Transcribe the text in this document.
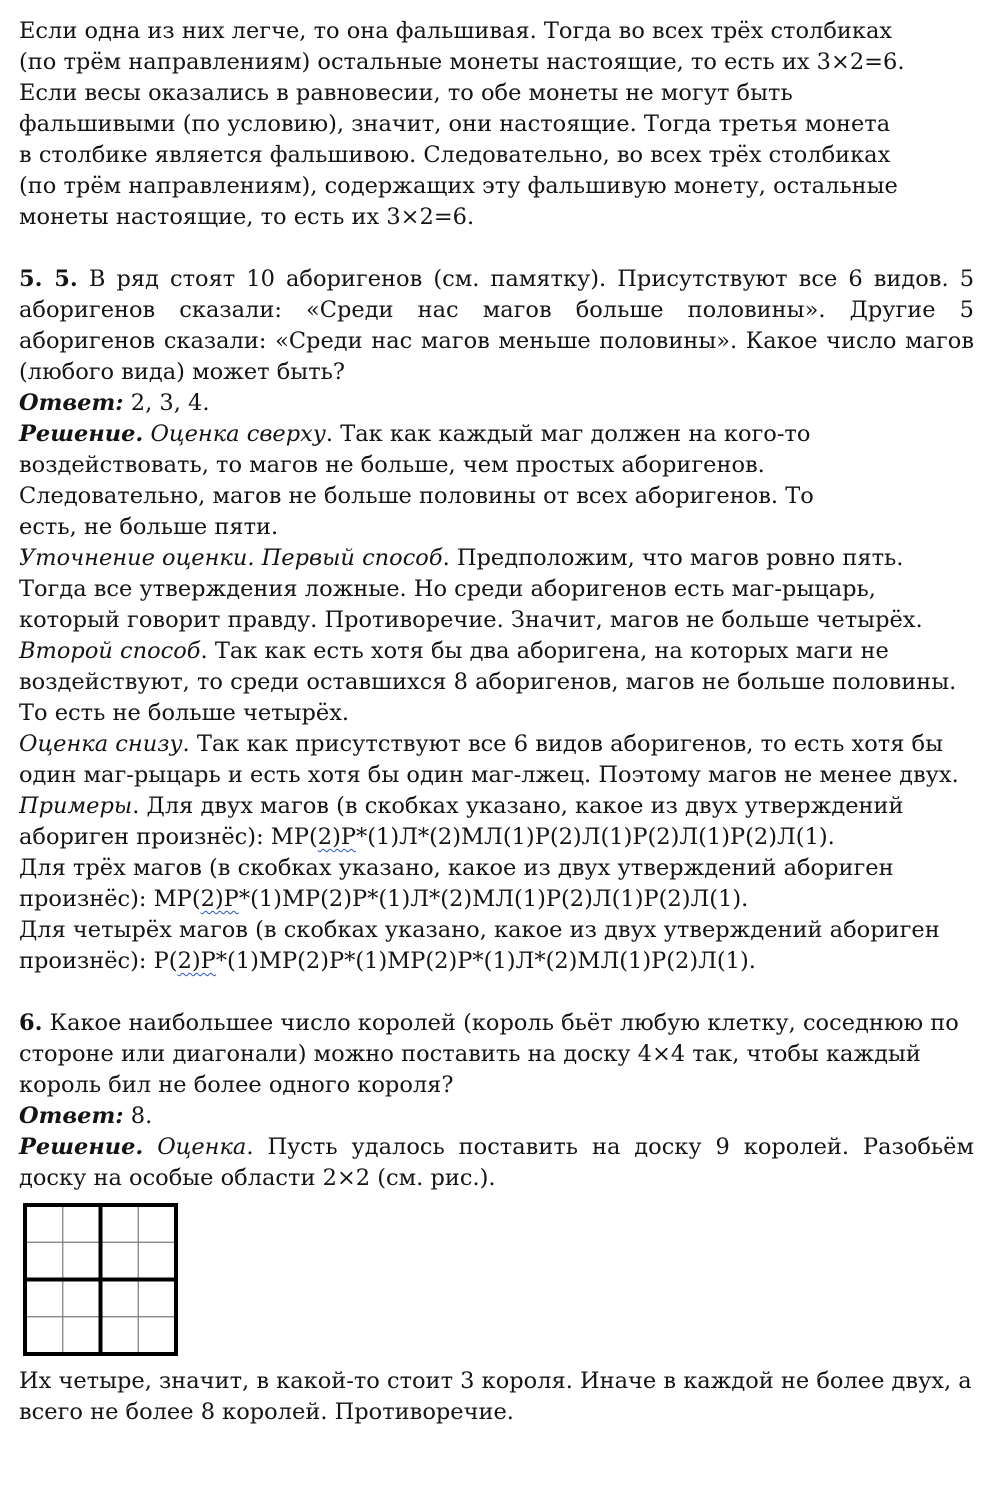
Если одна из них легче, то она фальшивая. Тогда во всех трёх столбиках

(по трём направлениям) остальные монеты настоящие, то есть их 3×2=6.

Если весы оказались в равновесии, то обе монеты не могут быть

фальшивыми (по условию), значит, они настоящие. Тогда третья монета

в столбике является фальшивою. Следовательно, во всех трёх столбиках

(по трём направлениям), содержащих эту фальшивую монету, остальные

монеты настоящие, то есть их 3×2=6.

5. 5. В ряд стоят 10 аборигенов (см. памятку). Присутствуют все 6 видов. 5 аборигенов сказали: «Среди нас магов больше половины». Другие 5 аборигенов сказали: «Среди нас магов меньше половины». Какое число магов (любого вида) может быть?

Ответ: 2, 3, 4.

Решение. Оценка сверху. Так как каждый маг должен на кого-то воздействовать, то магов не больше, чем простых аборигенов. Следовательно, магов не больше половины от всех аборигенов. То есть, не больше пяти.

Уточнение оценки. Первый способ. Предположим, что магов ровно пять. Тогда все утверждения ложные. Но среди аборигенов есть маг-рыцарь, который говорит правду. Противоречие. Значит, магов не больше четырёх.

Второй способ. Так как есть хотя бы два аборигена, на которых маги не воздействуют, то среди оставшихся 8 аборигенов, магов не больше половины. То есть не больше четырёх.

Оценка снизу. Так как присутствуют все 6 видов аборигенов, то есть хотя бы один маг-рыцарь и есть хотя бы один маг-лжец. Поэтому магов не менее двух.

Примеры. Для двух магов (в скобках указано, какое из двух утверждений абориген произнёс): МР(2)Р*(1)Л*(2)МЛ(1)Р(2)Л(1)Р(2)Л(1)Р(2)Л(1).

Для трёх магов (в скобках указано, какое из двух утверждений абориген произнёс): МР(2)Р*(1)МР(2)Р*(1)Л*(2)МЛ(1)Р(2)Л(1)Р(2)Л(1).

Для четырёх магов (в скобках указано, какое из двух утверждений абориген произнёс): Р(2)Р*(1)МР(2)Р*(1)МР(2)Р*(1)Л*(2)МЛ(1)Р(2)Л(1).

6. Какое наибольшее число королей (король бьёт любую клетку, соседнюю по стороне или диагонали) можно поставить на доску 4×4 так, чтобы каждый король бил не более одного короля?

Ответ: 8.

Решение. Оценка. Пусть удалось поставить на доску 9 королей. Разобьём доску на особые области 2×2 (см. рис.).

Их четыре, значит, в какой-то стоит 3 короля. Иначе в каждой не более двух, а всего не более 8 королей. Противоречие.
